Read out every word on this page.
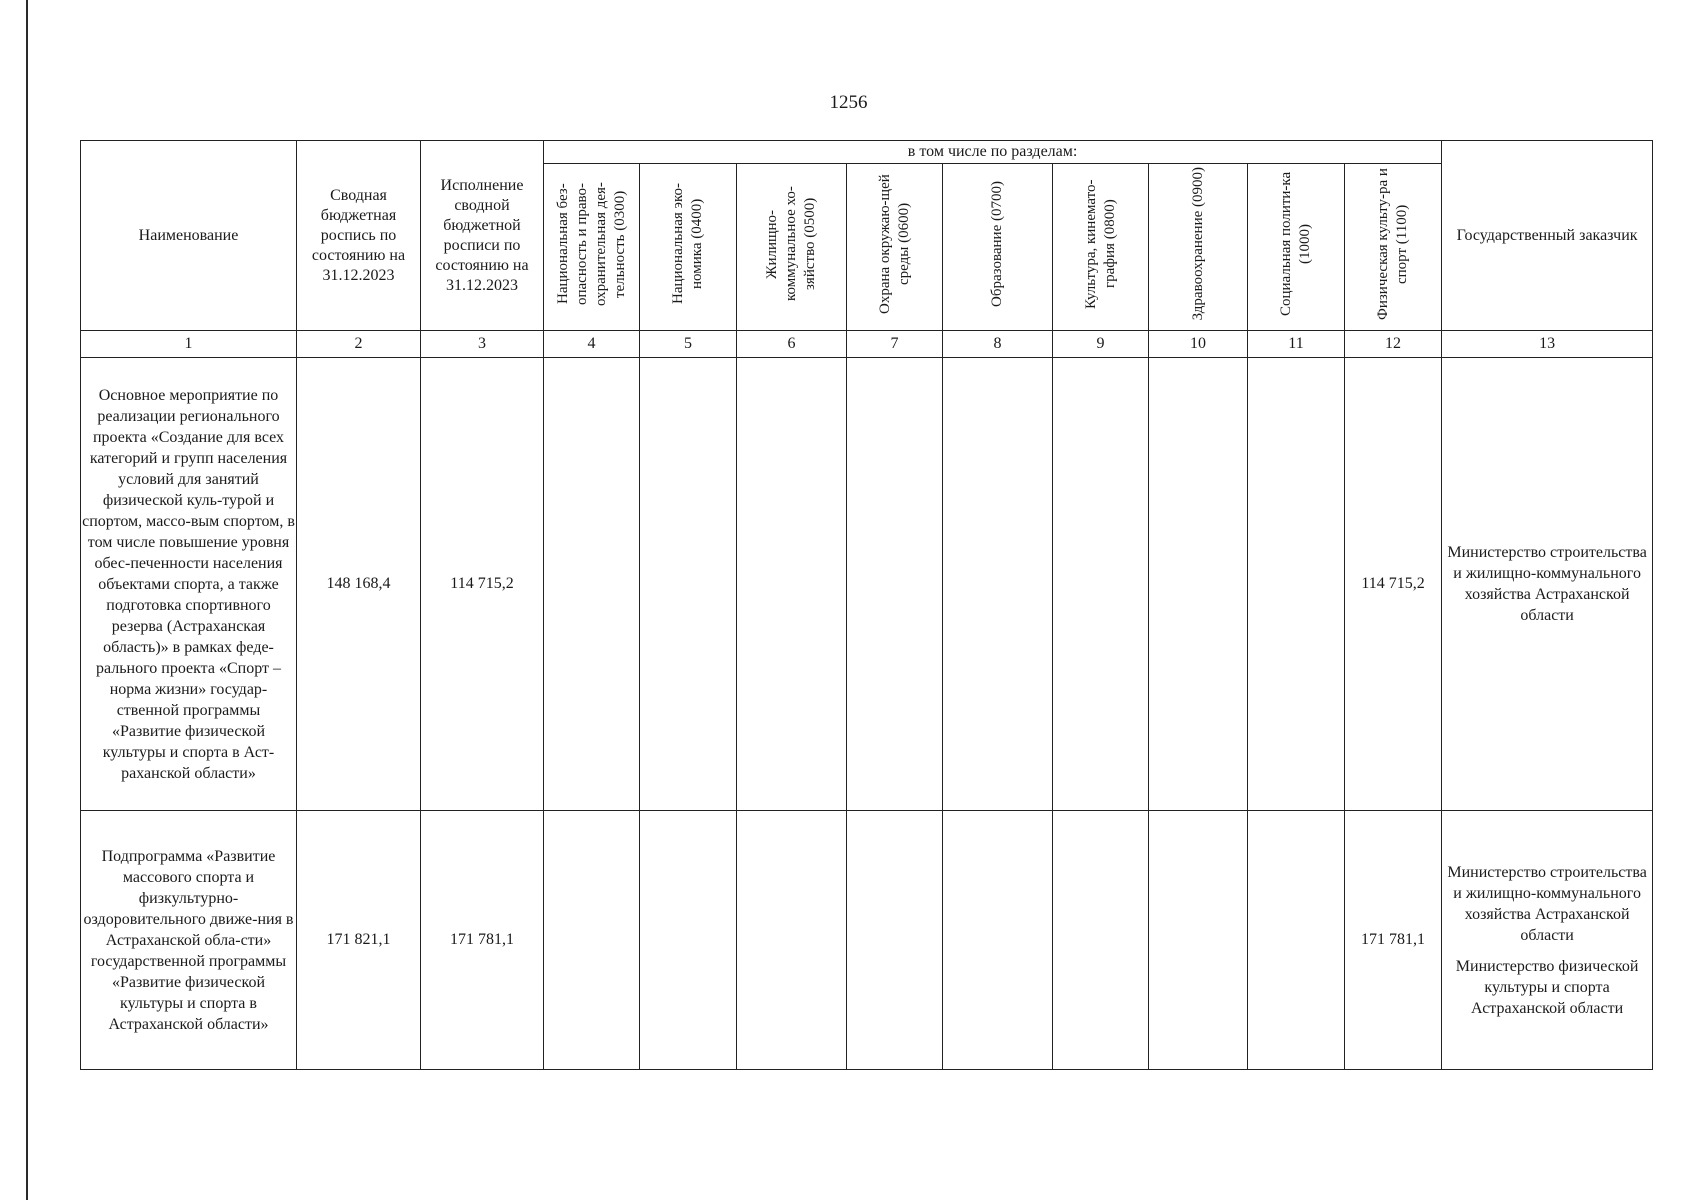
1256
Наименование	Сводная бюджетная роспись по состоянию на 31.12.2023	Исполнение сводной бюджетной росписи по состоянию на 31.12.2023	в том числе по разделам:									Государственный заказчик
			Национальная без-опасность и право-охранительная дея-тельность (0300)	Национальная эко-номика (0400)	Жилищно-коммунальное хо-зяйство (0500)	Охрана окружаю-щей среды (0600)	Образование (0700)	Культура, кинемато-графия (0800)	Здравоохранение (0900)	Социальная полити-ка (1000)	Физическая культу-ра и спорт (1100)	
1	2	3	4	5	6	7	8	9	10	11	12	13
Основное мероприятие по реализации регионального проекта «Создание для всех категорий и групп населения условий для занятий физической куль-турой и спортом, массо-вым спортом, в том числе повышение уровня обес-печенности населения объектами спорта, а также подготовка спортивного резерва (Астраханская область)» в рамках феде-рального проекта «Спорт – норма жизни» государ-ственной программы «Развитие физической культуры и спорта в Аст-раханской области»	148 168,4	114 715,2									114 715,2	Министерство строительства и жилищно-коммунального хозяйства Астраханской области

Подпрограмма «Развитие массового спорта и физкультурно-оздоровительного движе-ния в Астраханской обла-сти» государственной программы «Развитие физической культуры и спорта в Астраханской области»	171 821,1	171 781,1									171 781,1	Министерство строительства и жилищно-коммунального хозяйства Астраханской области
Министерство физической культуры и спорта Астраханской области
